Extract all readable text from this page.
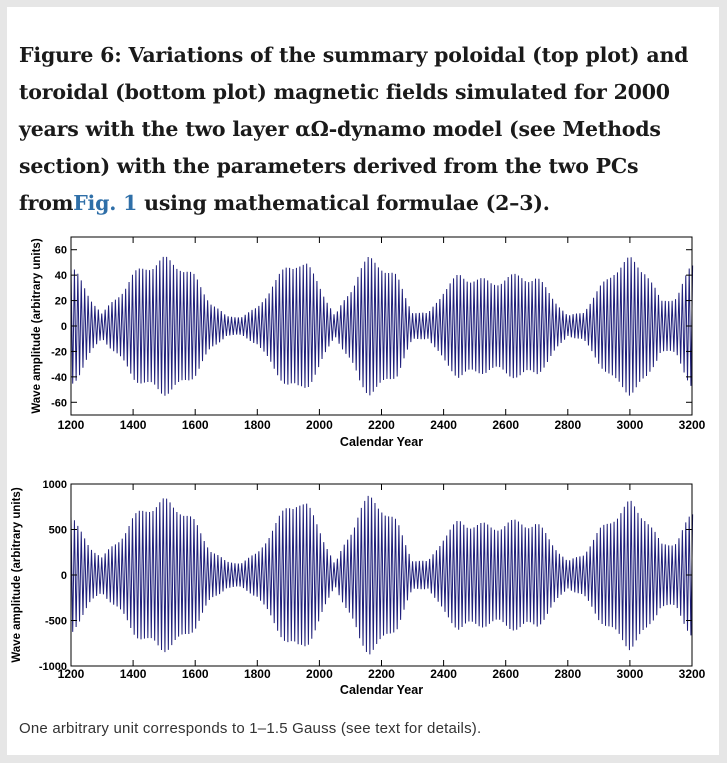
Figure 6: Variations of the summary poloidal (top plot) and toroidal (bottom plot) magnetic fields simulated for 2000 years with the two layer αΩ-dynamo model (see Methods section) with the parameters derived from the two PCs fromFig. 1 using mathematical formulae (2–3).
One arbitrary unit corresponds to 1–1.5 Gauss (see text for details).
1200	1400	1600	1800	2000	2200	2400	2600	2800	3000	3200
60
40
20
0
-20
-40
-60
Calendar Year
Wave amplitude (arbitrary units)
1200	1400	1600	1800	2000	2200	2400	2600	2800	3000	3200
1000
500
0
-500
-1000
Calendar Year
Wave amplitude (arbitrary units)
